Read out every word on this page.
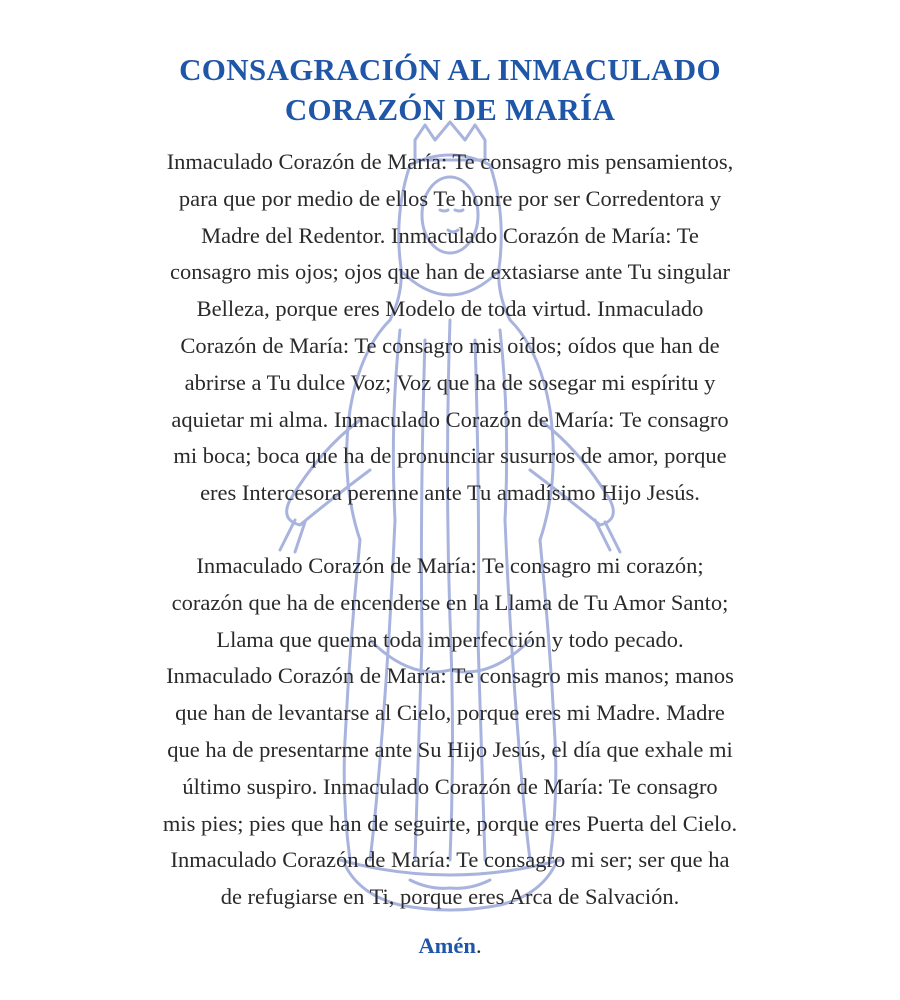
CONSAGRACIÓN AL INMACULADO
CORAZÓN DE MARÍA
Inmaculado Corazón de María: Te consagro mis pensamientos,
para que por medio de ellos Te honre por ser Corredentora y
Madre del Redentor. Inmaculado Corazón de María: Te
consagro mis ojos; ojos que han de extasiarse ante Tu singular
Belleza, porque eres Modelo de toda virtud. Inmaculado
Corazón de María: Te consagro mis oídos; oídos que han de
abrirse a Tu dulce Voz; Voz que ha de sosegar mi espíritu y
aquietar mi alma. Inmaculado Corazón de María: Te consagro
mi boca; boca que ha de pronunciar susurros de amor, porque
eres Intercesora perenne ante Tu amadísimo Hijo Jesús.
Inmaculado Corazón de María: Te consagro mi corazón;
corazón que ha de encenderse en la Llama de Tu Amor Santo;
Llama que quema toda imperfección y todo pecado.
Inmaculado Corazón de María: Te consagro mis manos; manos
que han de levantarse al Cielo, porque eres mi Madre. Madre
que ha de presentarme ante Su Hijo Jesús, el día que exhale mi
último suspiro. Inmaculado Corazón de María: Te consagro
mis pies; pies que han de seguirte, porque eres Puerta del Cielo.
Inmaculado Corazón de María: Te consagro mi ser; ser que ha
de refugiarse en Ti, porque eres Arca de Salvación.
Amén.
